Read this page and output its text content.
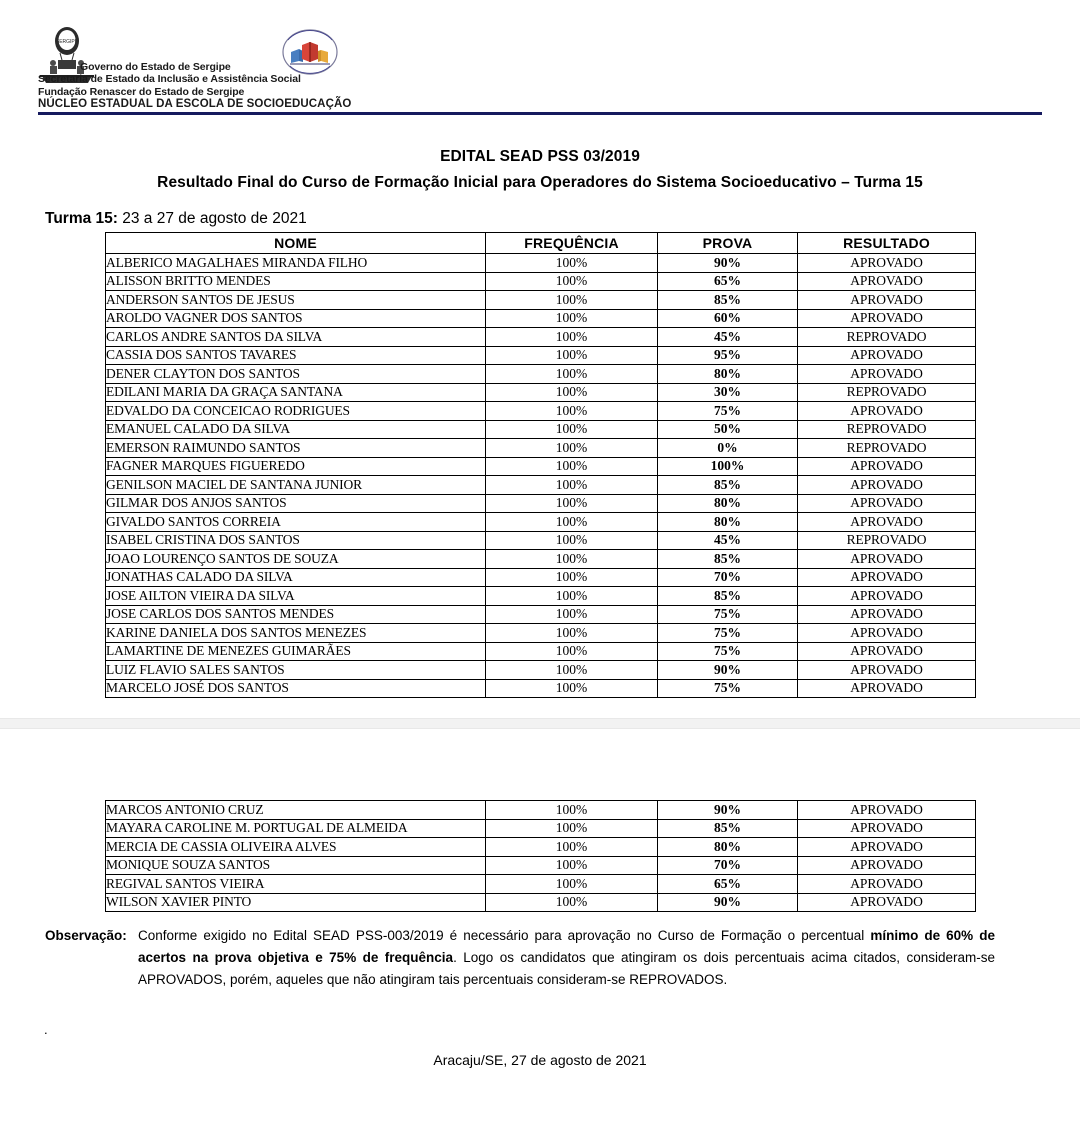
SERGIPE
Governo do Estado de Sergipe
Secretaria de Estado da Inclusão e Assistência Social
Fundação Renascer do Estado de Sergipe
NÚCLEO ESTADUAL DA ESCOLA DE SOCIOEDUCAÇÃO
EDITAL SEAD PSS 03/2019
Resultado Final do Curso de Formação Inicial para Operadores do Sistema Socioeducativo – Turma 15
Turma 15: 23 a 27 de agosto de 2021
NOME	FREQUÊNCIA	PROVA	RESULTADO
ALBERICO MAGALHAES MIRANDA FILHO	100%	90%	APROVADO
ALISSON BRITTO MENDES	100%	65%	APROVADO
ANDERSON SANTOS DE JESUS	100%	85%	APROVADO
AROLDO VAGNER DOS SANTOS	100%	60%	APROVADO
CARLOS ANDRE SANTOS DA SILVA	100%	45%	REPROVADO
CASSIA DOS SANTOS TAVARES	100%	95%	APROVADO
DENER CLAYTON DOS SANTOS	100%	80%	APROVADO
EDILANI MARIA DA GRAÇA SANTANA	100%	30%	REPROVADO
EDVALDO DA CONCEICAO RODRIGUES	100%	75%	APROVADO
EMANUEL CALADO DA SILVA	100%	50%	REPROVADO
EMERSON RAIMUNDO SANTOS	100%	0%	REPROVADO
FAGNER MARQUES FIGUEREDO	100%	100%	APROVADO
GENILSON MACIEL DE SANTANA JUNIOR	100%	85%	APROVADO
GILMAR DOS ANJOS SANTOS	100%	80%	APROVADO
GIVALDO SANTOS CORREIA	100%	80%	APROVADO
ISABEL CRISTINA DOS SANTOS	100%	45%	REPROVADO
JOAO LOURENÇO SANTOS DE SOUZA	100%	85%	APROVADO
JONATHAS CALADO DA SILVA	100%	70%	APROVADO
JOSE AILTON VIEIRA DA SILVA	100%	85%	APROVADO
JOSE CARLOS DOS SANTOS MENDES	100%	75%	APROVADO
KARINE DANIELA DOS SANTOS MENEZES	100%	75%	APROVADO
LAMARTINE DE MENEZES GUIMARÃES	100%	75%	APROVADO
LUIZ FLAVIO SALES SANTOS	100%	90%	APROVADO
MARCELO JOSÉ DOS SANTOS	100%	75%	APROVADO
MARCOS ANTONIO CRUZ	100%	90%	APROVADO
MAYARA CAROLINE M. PORTUGAL DE ALMEIDA	100%	85%	APROVADO
MERCIA DE CASSIA OLIVEIRA ALVES	100%	80%	APROVADO
MONIQUE SOUZA SANTOS	100%	70%	APROVADO
REGIVAL SANTOS VIEIRA	100%	65%	APROVADO
WILSON XAVIER PINTO	100%	90%	APROVADO
Observação: Conforme exigido no Edital SEAD PSS-003/2019 é necessário para aprovação no Curso de Formação o percentual mínimo de 60% de acertos na prova objetiva e 75% de frequência. Logo os candidatos que atingiram os dois percentuais acima citados, consideram-se APROVADOS, porém, aqueles que não atingiram tais percentuais consideram-se REPROVADOS.
.
Aracaju/SE, 27 de agosto de 2021
